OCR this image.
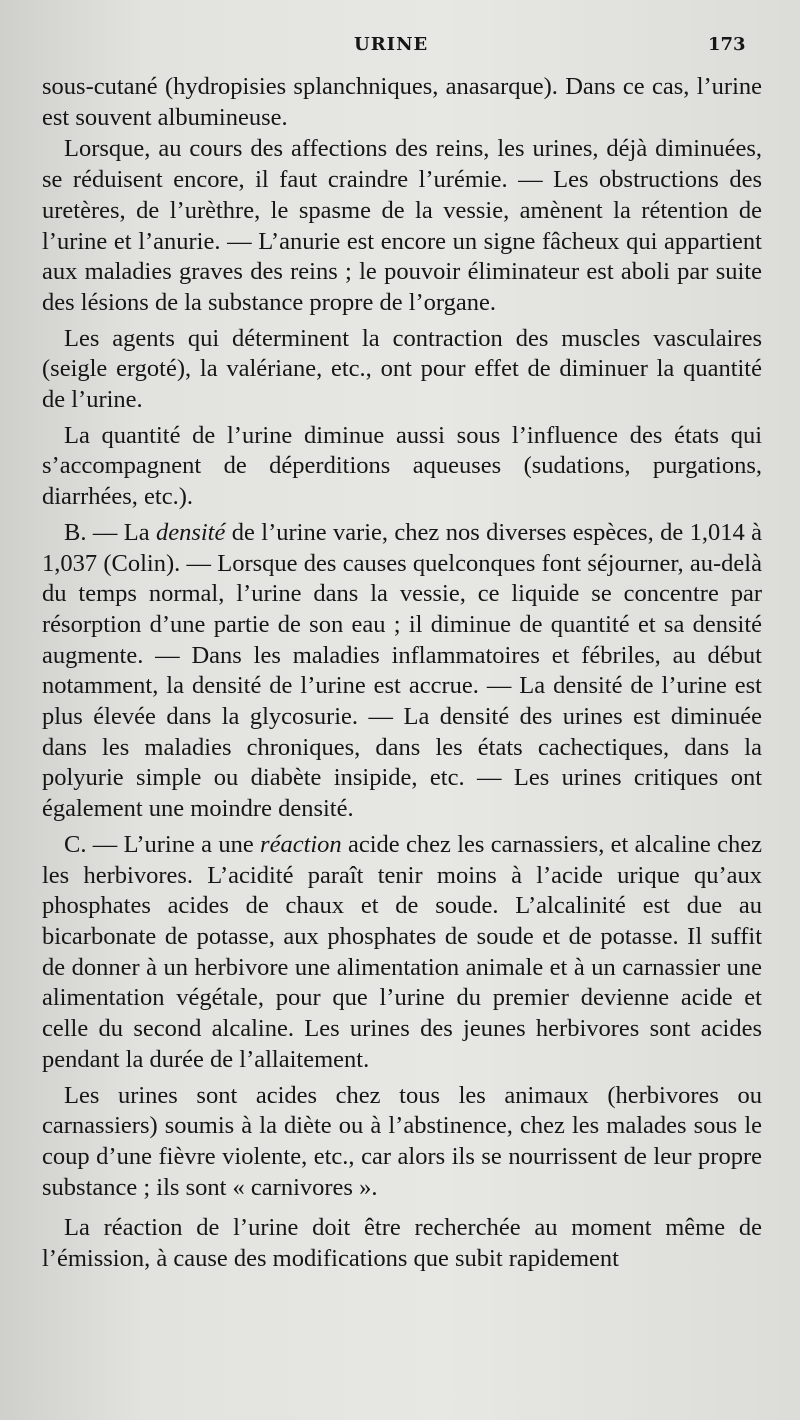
URINE	173

sous-cutané (hydropisies splanchniques, anasarque). Dans ce cas, l’urine est souvent albumineuse.

Lorsque, au cours des affections des reins, les urines, déjà diminuées, se réduisent encore, il faut craindre l’urémie. — Les obstructions des uretères, de l’urèthre, le spasme de la vessie, amènent la rétention de l’urine et l’anurie. — L’anurie est encore un signe fâcheux qui appartient aux maladies graves des reins ; le pouvoir éliminateur est aboli par suite des lésions de la substance propre de l’organe.

Les agents qui déterminent la contraction des muscles vasculaires (seigle ergoté), la valériane, etc., ont pour effet de diminuer la quantité de l’urine.

La quantité de l’urine diminue aussi sous l’influence des états qui s’accompagnent de déperditions aqueuses (sudations, purgations, diarrhées, etc.).

B. — La densité de l’urine varie, chez nos diverses espèces, de 1,014 à 1,037 (Colin). — Lorsque des causes quelconques font séjourner, au-delà du temps normal, l’urine dans la vessie, ce liquide se concentre par résorption d’une partie de son eau ; il diminue de quantité et sa densité augmente. — Dans les maladies inflammatoires et fébriles, au début notamment, la densité de l’urine est accrue. — La densité de l’urine est plus élevée dans la glycosurie. — La densité des urines est diminuée dans les maladies chroniques, dans les états cachectiques, dans la polyurie simple ou diabète insipide, etc. — Les urines critiques ont également une moindre densité.

C. — L’urine a une réaction acide chez les carnassiers, et alcaline chez les herbivores. L’acidité paraît tenir moins à l’acide urique qu’aux phosphates acides de chaux et de soude. L’alcalinité est due au bicarbonate de potasse, aux phosphates de soude et de potasse. Il suffit de donner à un herbivore une alimentation animale et à un carnassier une alimentation végétale, pour que l’urine du premier devienne acide et celle du second alcaline. Les urines des jeunes herbivores sont acides pendant la durée de l’allaitement.

Les urines sont acides chez tous les animaux (herbivores ou carnassiers) soumis à la diète ou à l’abstinence, chez les malades sous le coup d’une fièvre violente, etc., car alors ils se nourrissent de leur propre substance ; ils sont « carnivores ».

La réaction de l’urine doit être recherchée au moment même de l’émission, à cause des modifications que subit rapidement
